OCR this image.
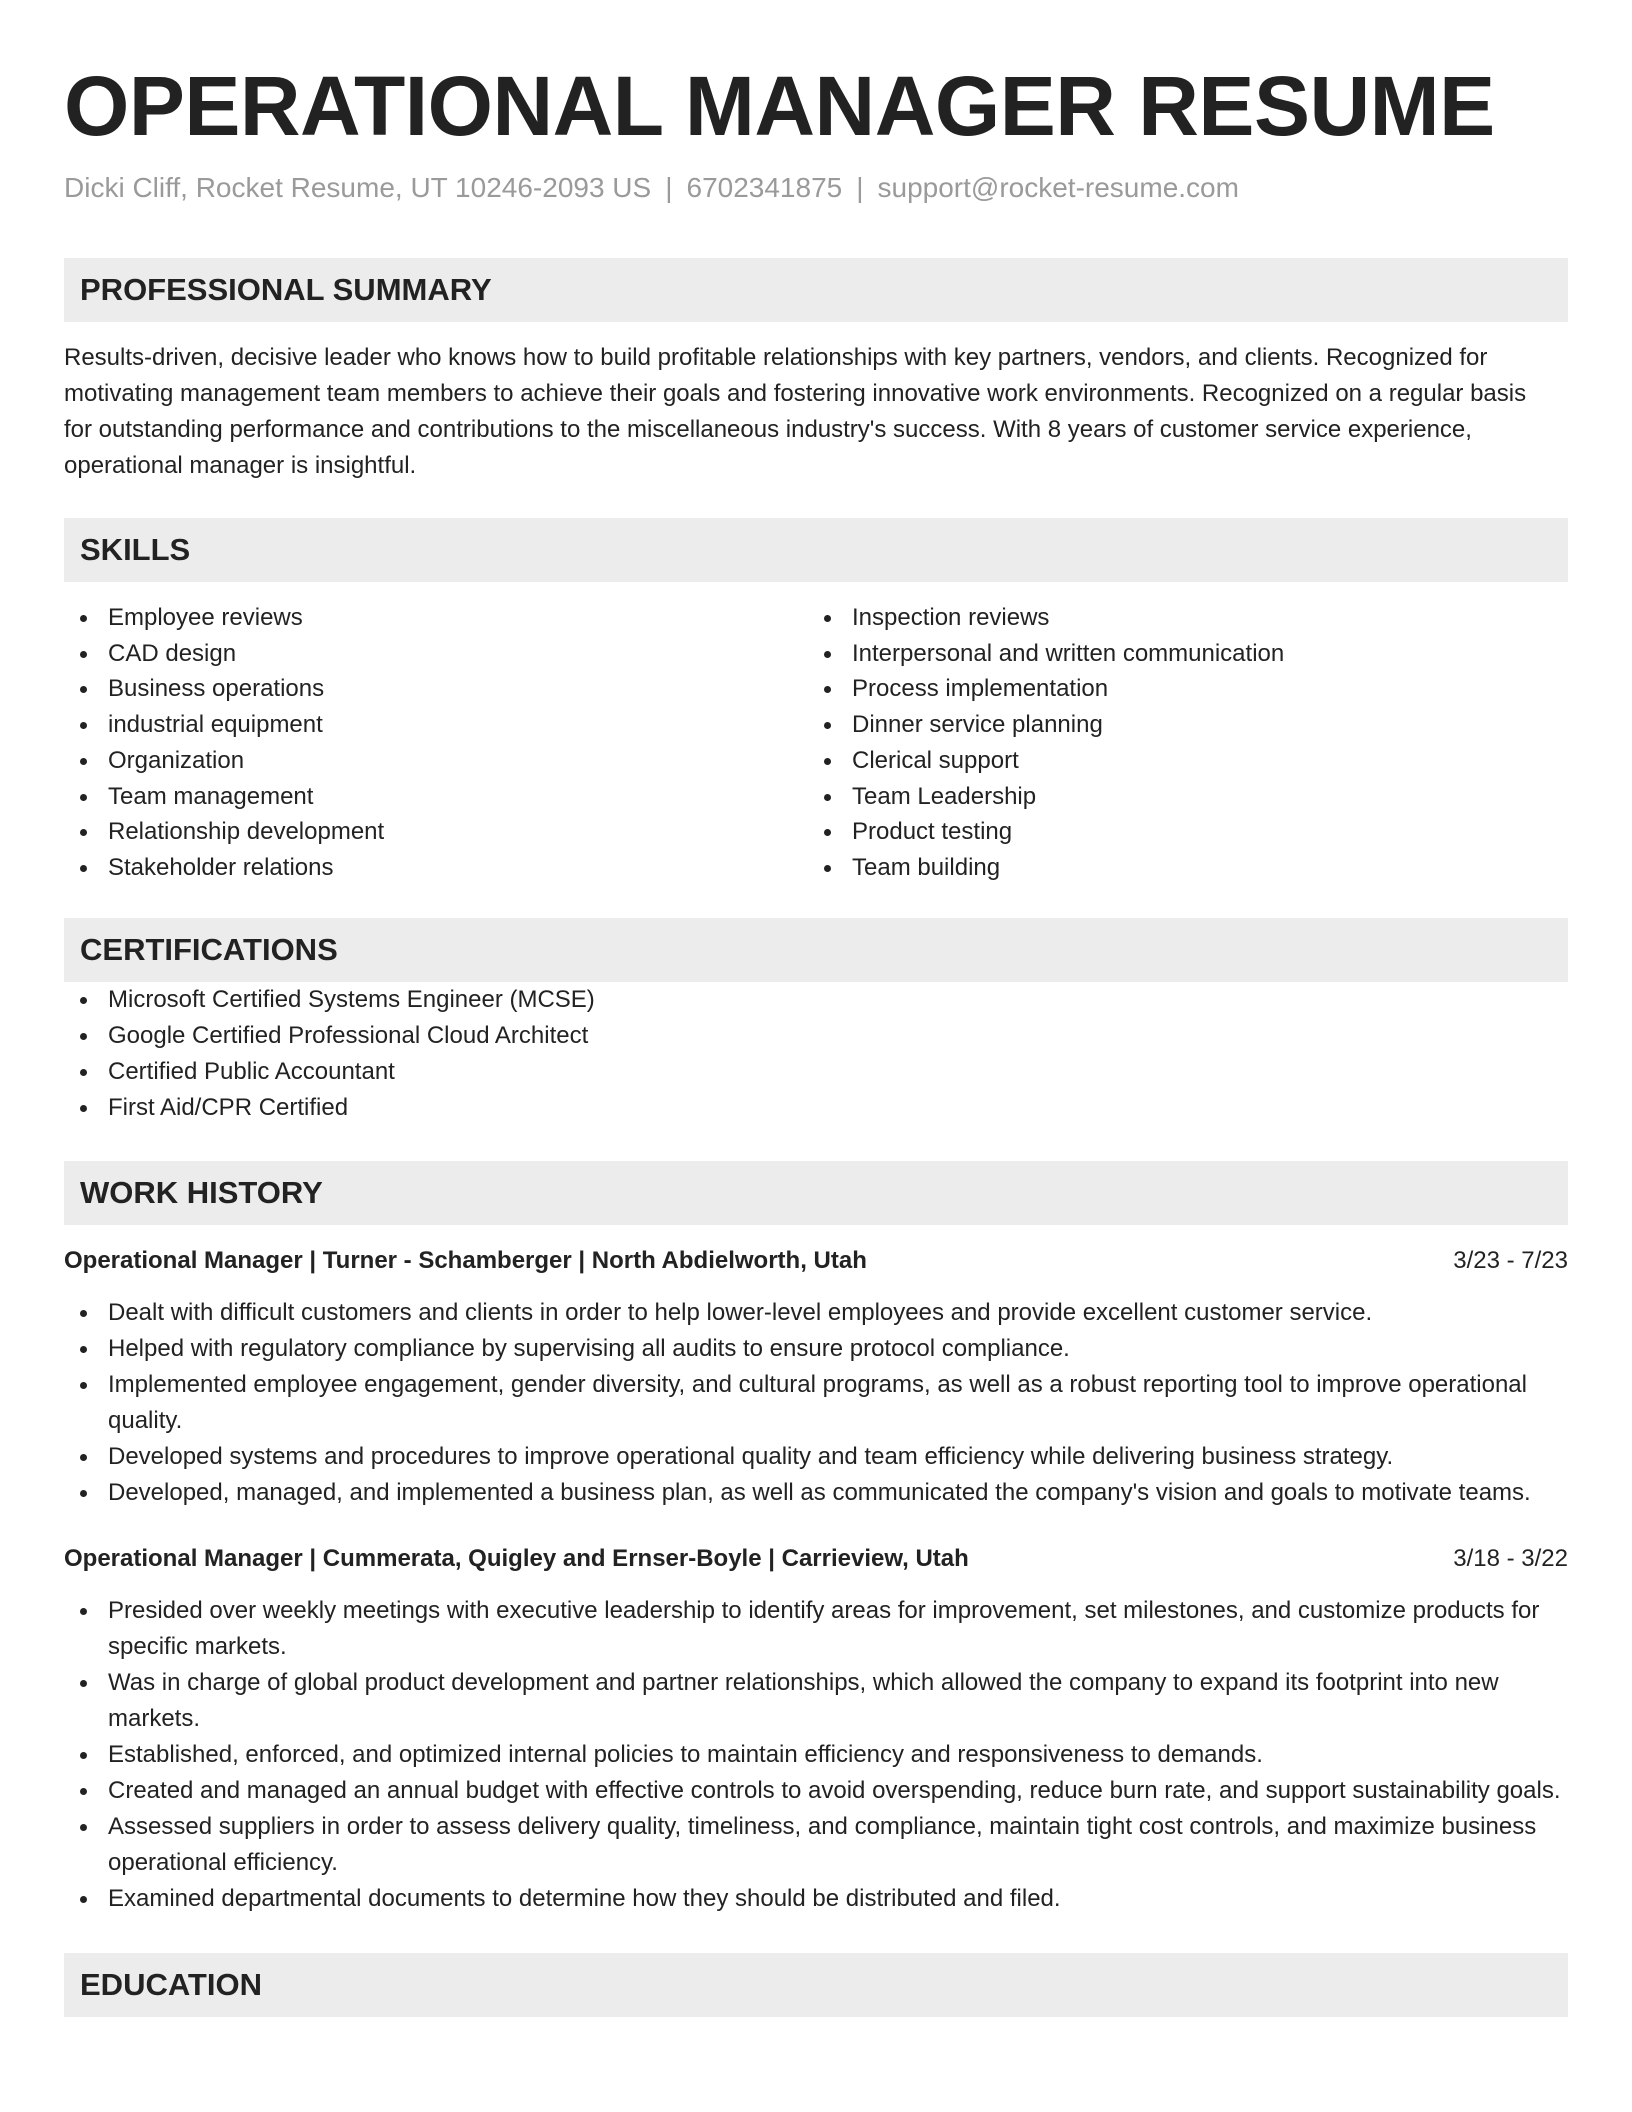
OPERATIONAL MANAGER RESUME
Dicki Cliff, Rocket Resume, UT 10246-2093 US | 6702341875 | support@rocket-resume.com
PROFESSIONAL SUMMARY
Results-driven, decisive leader who knows how to build profitable relationships with key partners, vendors, and clients. Recognized for motivating management team members to achieve their goals and fostering innovative work environments. Recognized on a regular basis for outstanding performance and contributions to the miscellaneous industry's success. With 8 years of customer service experience, operational manager is insightful.
SKILLS
Employee reviews
CAD design
Business operations
industrial equipment
Organization
Team management
Relationship development
Stakeholder relations
Inspection reviews
Interpersonal and written communication
Process implementation
Dinner service planning
Clerical support
Team Leadership
Product testing
Team building
CERTIFICATIONS
Microsoft Certified Systems Engineer (MCSE)
Google Certified Professional Cloud Architect
Certified Public Accountant
First Aid/CPR Certified
WORK HISTORY
Operational Manager | Turner - Schamberger | North Abdielworth, Utah	3/23 - 7/23
Dealt with difficult customers and clients in order to help lower-level employees and provide excellent customer service.
Helped with regulatory compliance by supervising all audits to ensure protocol compliance.
Implemented employee engagement, gender diversity, and cultural programs, as well as a robust reporting tool to improve operational quality.
Developed systems and procedures to improve operational quality and team efficiency while delivering business strategy.
Developed, managed, and implemented a business plan, as well as communicated the company's vision and goals to motivate teams.
Operational Manager | Cummerata, Quigley and Ernser-Boyle | Carrieview, Utah	3/18 - 3/22
Presided over weekly meetings with executive leadership to identify areas for improvement, set milestones, and customize products for specific markets.
Was in charge of global product development and partner relationships, which allowed the company to expand its footprint into new markets.
Established, enforced, and optimized internal policies to maintain efficiency and responsiveness to demands.
Created and managed an annual budget with effective controls to avoid overspending, reduce burn rate, and support sustainability goals.
Assessed suppliers in order to assess delivery quality, timeliness, and compliance, maintain tight cost controls, and maximize business operational efficiency.
Examined departmental documents to determine how they should be distributed and filed.
EDUCATION
